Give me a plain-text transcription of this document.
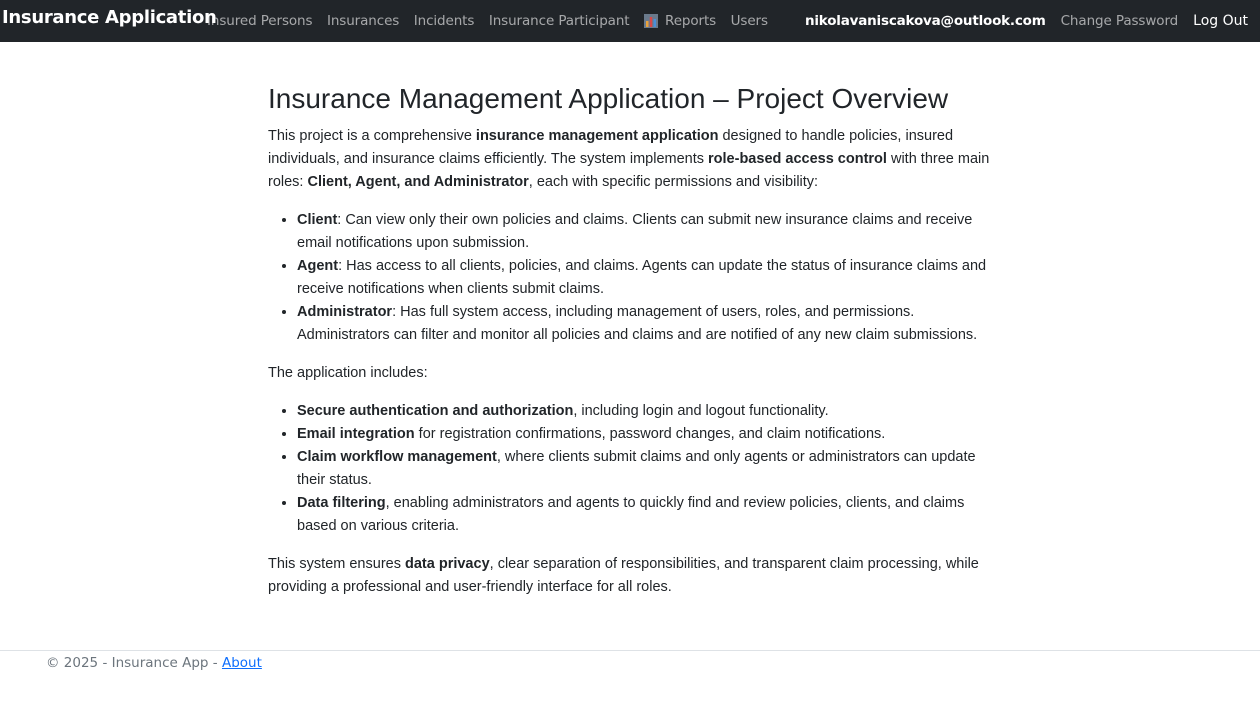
Insurance Application
Insured Persons Insurances Incidents Insurance Participant	Reports Users	nikolavaniscakova@outlook.com Change Password Log Out
Insurance Management Application – Project Overview

This project is a comprehensive insurance management application designed to handle policies, insured individuals, and insurance claims efficiently. The system implements role-based access control with three main roles: Client, Agent, and Administrator, each with specific permissions and visibility:

• Client: Can view only their own policies and claims. Clients can submit new insurance claims and receive email notifications upon submission.
• Agent: Has access to all clients, policies, and claims. Agents can update the status of insurance claims and receive notifications when clients submit claims.
• Administrator: Has full system access, including management of users, roles, and permissions. Administrators can filter and monitor all policies and claims and are notified of any new claim submissions.

The application includes:

• Secure authentication and authorization, including login and logout functionality.
• Email integration for registration confirmations, password changes, and claim notifications.
• Claim workflow management, where clients submit claims and only agents or administrators can update their status.
• Data filtering, enabling administrators and agents to quickly find and review policies, clients, and claims based on various criteria.

This system ensures data privacy, clear separation of responsibilities, and transparent claim processing, while providing a professional and user-friendly interface for all roles.

© 2025 - Insurance App - About
